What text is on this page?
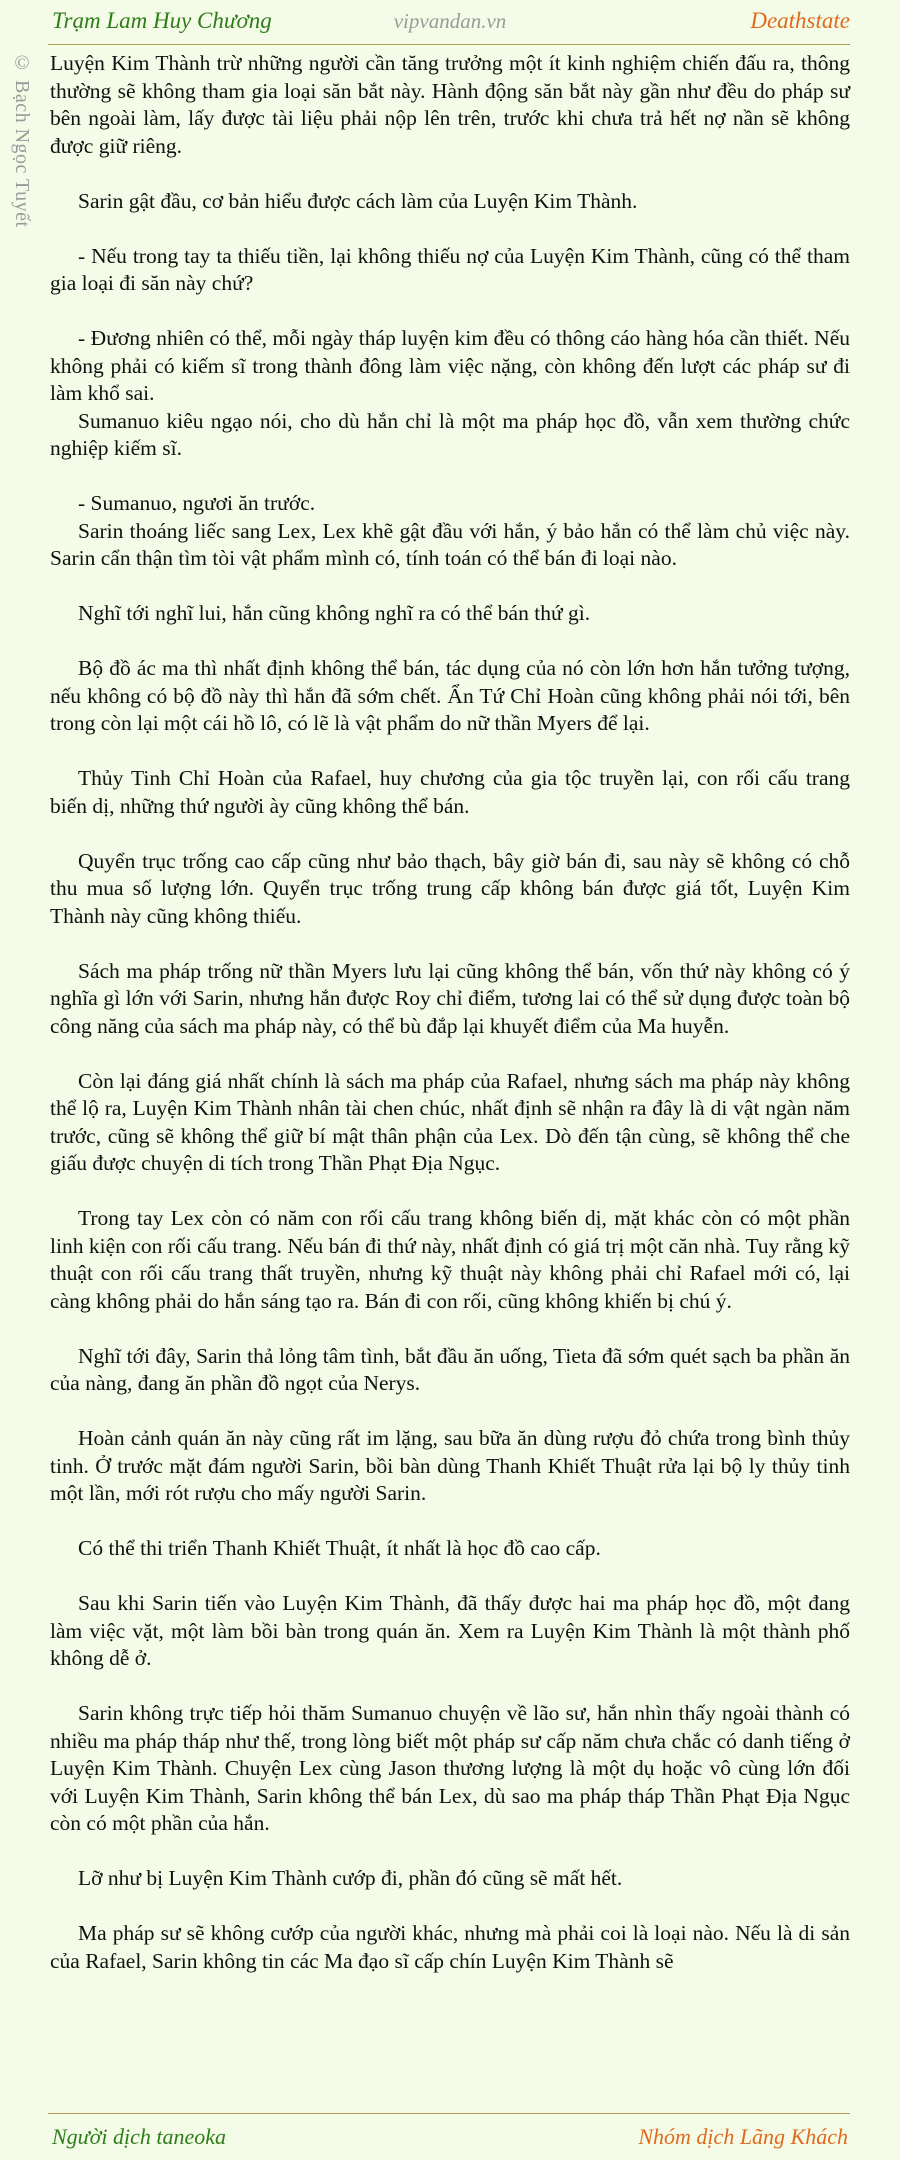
Trạm Lam Huy Chương	vipvandan.vn	Deathstate
© Bạch Ngọc Tuyết Luyện Kim Thành trừ những người cần tăng trưởng một ít kinh nghiệm chiến đấu ra, thông thường sẽ không tham gia loại săn bắt này. Hành động săn bắt này gần như đều do pháp sư bên ngoài làm, lấy được tài liệu phải nộp lên trên, trước khi chưa trả hết nợ nần sẽ không được giữ riêng.

Sarin gật đầu, cơ bản hiểu được cách làm của Luyện Kim Thành.

- Nếu trong tay ta thiếu tiền, lại không thiếu nợ của Luyện Kim Thành, cũng có thể tham gia loại đi săn này chứ?

- Đương nhiên có thể, mỗi ngày tháp luyện kim đều có thông cáo hàng hóa cần thiết. Nếu không phải có kiếm sĩ trong thành đông làm việc nặng, còn không đến lượt các pháp sư đi làm khổ sai.

Sumanuo kiêu ngạo nói, cho dù hắn chỉ là một ma pháp học đồ, vẫn xem thường chức nghiệp kiếm sĩ.

- Sumanuo, ngươi ăn trước.

Sarin thoáng liếc sang Lex, Lex khẽ gật đầu với hắn, ý bảo hắn có thể làm chủ việc này. Sarin cẩn thận tìm tòi vật phẩm mình có, tính toán có thể bán đi loại nào.

Nghĩ tới nghĩ lui, hắn cũng không nghĩ ra có thể bán thứ gì.

Bộ đồ ác ma thì nhất định không thể bán, tác dụng của nó còn lớn hơn hắn tưởng tượng, nếu không có bộ đồ này thì hắn đã sớm chết. Ẩn Tứ Chỉ Hoàn cũng không phải nói tới, bên trong còn lại một cái hồ lô, có lẽ là vật phẩm do nữ thần Myers để lại.

Thủy Tinh Chỉ Hoàn của Rafael, huy chương của gia tộc truyền lại, con rối cấu trang biến dị, những thứ người ày cũng không thể bán.

Quyển trục trống cao cấp cũng như bảo thạch, bây giờ bán đi, sau này sẽ không có chỗ thu mua số lượng lớn. Quyển trục trống trung cấp không bán được giá tốt, Luyện Kim Thành này cũng không thiếu.

Sách ma pháp trống nữ thần Myers lưu lại cũng không thể bán, vốn thứ này không có ý nghĩa gì lớn với Sarin, nhưng hắn được Roy chỉ điểm, tương lai có thể sử dụng được toàn bộ công năng của sách ma pháp này, có thể bù đắp lại khuyết điểm của Ma huyễn.

Còn lại đáng giá nhất chính là sách ma pháp của Rafael, nhưng sách ma pháp này không thể lộ ra, Luyện Kim Thành nhân tài chen chúc, nhất định sẽ nhận ra đây là di vật ngàn năm trước, cũng sẽ không thể giữ bí mật thân phận của Lex. Dò đến tận cùng, sẽ không thể che giấu được chuyện di tích trong Thần Phạt Địa Ngục.

Trong tay Lex còn có năm con rối cấu trang không biến dị, mặt khác còn có một phần linh kiện con rối cấu trang. Nếu bán đi thứ này, nhất định có giá trị một căn nhà. Tuy rằng kỹ thuật con rối cấu trang thất truyền, nhưng kỹ thuật này không phải chỉ Rafael mới có, lại càng không phải do hắn sáng tạo ra. Bán đi con rối, cũng không khiến bị chú ý.

Nghĩ tới đây, Sarin thả lỏng tâm tình, bắt đầu ăn uống, Tieta đã sớm quét sạch ba phần ăn của nàng, đang ăn phần đồ ngọt của Nerys.

Hoàn cảnh quán ăn này cũng rất im lặng, sau bữa ăn dùng rượu đỏ chứa trong bình thủy tinh. Ở trước mặt đám người Sarin, bồi bàn dùng Thanh Khiết Thuật rửa lại bộ ly thủy tinh một lần, mới rót rượu cho mấy người Sarin.

Có thể thi triển Thanh Khiết Thuật, ít nhất là học đồ cao cấp.

Sau khi Sarin tiến vào Luyện Kim Thành, đã thấy được hai ma pháp học đồ, một đang làm việc vặt, một làm bồi bàn trong quán ăn. Xem ra Luyện Kim Thành là một thành phố không dễ ở.

Sarin không trực tiếp hỏi thăm Sumanuo chuyện về lão sư, hắn nhìn thấy ngoài thành có nhiều ma pháp tháp như thế, trong lòng biết một pháp sư cấp năm chưa chắc có danh tiếng ở Luyện Kim Thành. Chuyện Lex cùng Jason thương lượng là một dụ hoặc vô cùng lớn đối với Luyện Kim Thành, Sarin không thể bán Lex, dù sao ma pháp tháp Thần Phạt Địa Ngục còn có một phần của hắn.

Lỡ như bị Luyện Kim Thành cướp đi, phần đó cũng sẽ mất hết.

Ma pháp sư sẽ không cướp của người khác, nhưng mà phải coi là loại nào. Nếu là di sản của Rafael, Sarin không tin các Ma đạo sĩ cấp chín Luyện Kim Thành sẽ

Người dịch taneoka	Nhóm dịch Lãng Khách
